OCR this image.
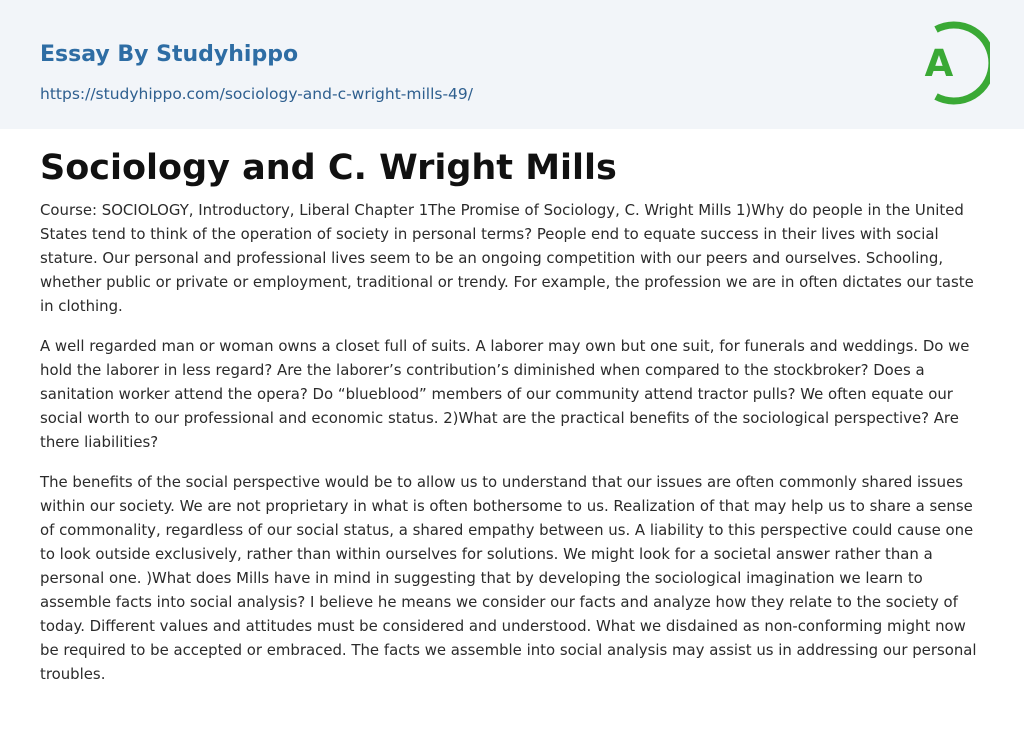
Essay By Studyhippo
https://studyhippo.com/sociology-and-c-wright-mills-49/
A
Sociology and C. Wright Mills

Course: SOCIOLOGY, Introductory, Liberal Chapter 1The Promise of Sociology, C. Wright Mills 1)Why do people in the United States tend to think of the operation of society in personal terms? People end to equate success in their lives with social stature. Our personal and professional lives seem to be an ongoing competition with our peers and ourselves. Schooling, whether public or private or employment, traditional or trendy. For example, the profession we are in often dictates our taste in clothing.

A well regarded man or woman owns a closet full of suits. A laborer may own but one suit, for funerals and weddings. Do we hold the laborer in less regard? Are the laborer’s contribution’s diminished when compared to the stockbroker? Does a sanitation worker attend the opera? Do “blueblood” members of our community attend tractor pulls? We often equate our social worth to our professional and economic status. 2)What are the practical benefits of the sociological perspective? Are there liabilities?

The benefits of the social perspective would be to allow us to understand that our issues are often commonly shared issues within our society. We are not proprietary in what is often bothersome to us. Realization of that may help us to share a sense of commonality, regardless of our social status, a shared empathy between us. A liability to this perspective could cause one to look outside exclusively, rather than within ourselves for solutions. We might look for a societal answer rather than a personal one. )What does Mills have in mind in suggesting that by developing the sociological imagination we learn to assemble facts into social analysis? I believe he means we consider our facts and analyze how they relate to the society of today. Different values and attitudes must be considered and understood. What we disdained as non-conforming might now be required to be accepted or embraced. The facts we assemble into social analysis may assist us in addressing our personal troubles.
